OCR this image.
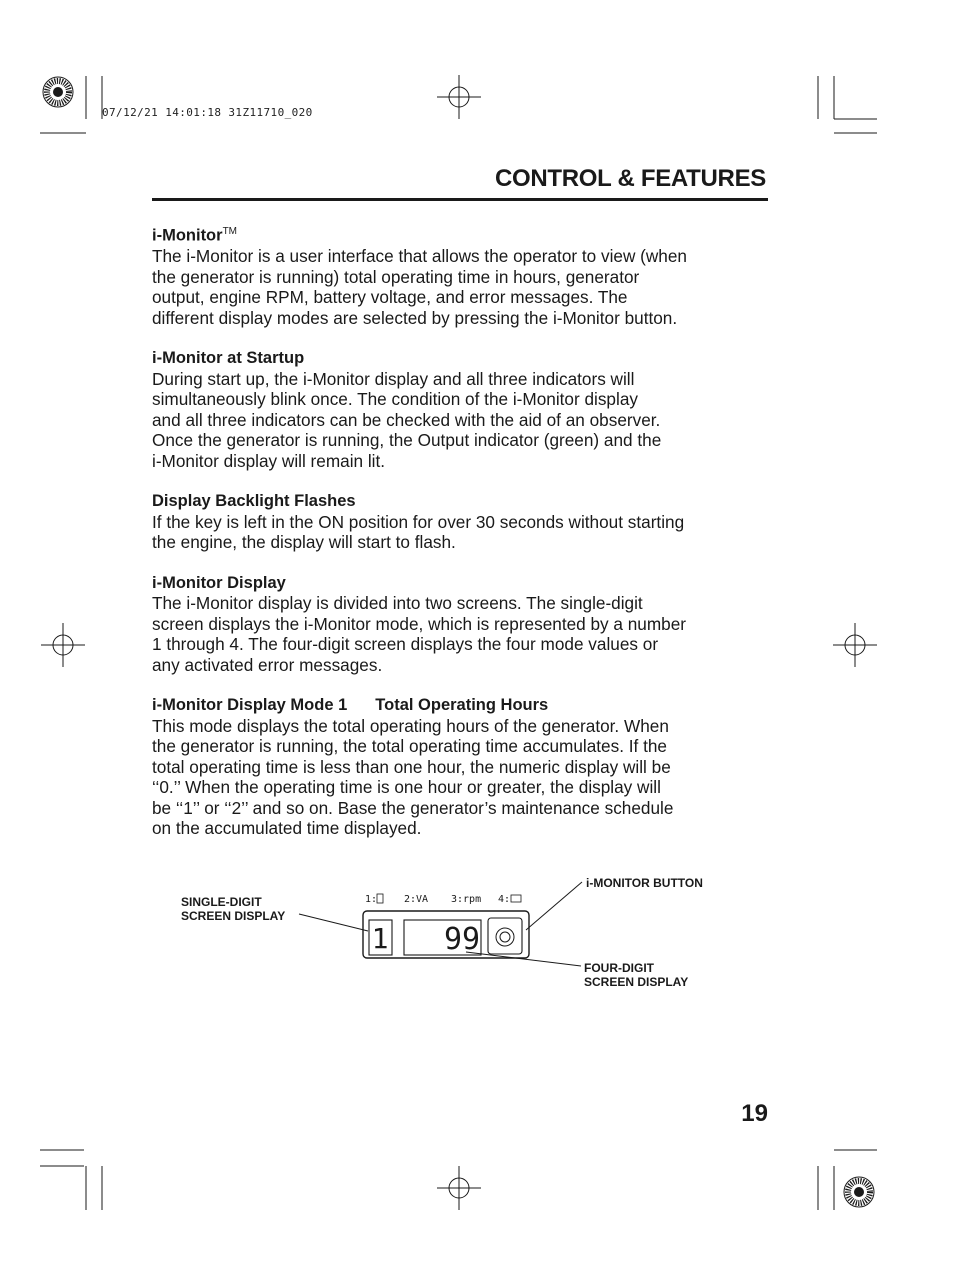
07/12/21 14:01:18 31Z11710_020
CONTROL & FEATURES
i-Monitor™

The i-Monitor is a user interface that allows the operator to view (when
the generator is running) total operating time in hours, generator
output, engine RPM, battery voltage, and error messages. The
different display modes are selected by pressing the i-Monitor button.

i-Monitor at Startup

During start up, the i-Monitor display and all three indicators will
simultaneously blink once. The condition of the i-Monitor display
and all three indicators can be checked with the aid of an observer.
Once the generator is running, the Output indicator (green) and the
i-Monitor display will remain lit.

Display Backlight Flashes

If the key is left in the ON position for over 30 seconds without starting
the engine, the display will start to flash.

i-Monitor Display

The i-Monitor display is divided into two screens. The single-digit
screen displays the i-Monitor mode, which is represented by a number
1 through 4. The four-digit screen displays the four mode values or
any activated error messages.

i-Monitor Display Mode 1 Total Operating Hours

This mode displays the total operating hours of the generator. When
the generator is running, the total operating time accumulates. If the
total operating time is less than one hour, the numeric display will be
‘‘0.’’ When the operating time is one hour or greater, the display will
be ‘‘1’’ or ‘‘2’’ and so on. Base the generator’s maintenance schedule
on the accumulated time displayed.

1:	2:VA 3:rpm 4:
1 99
SINGLE-DIGIT
SCREEN DISPLAY
i-MONITOR BUTTON
FOUR-DIGIT
SCREEN DISPLAY
19
